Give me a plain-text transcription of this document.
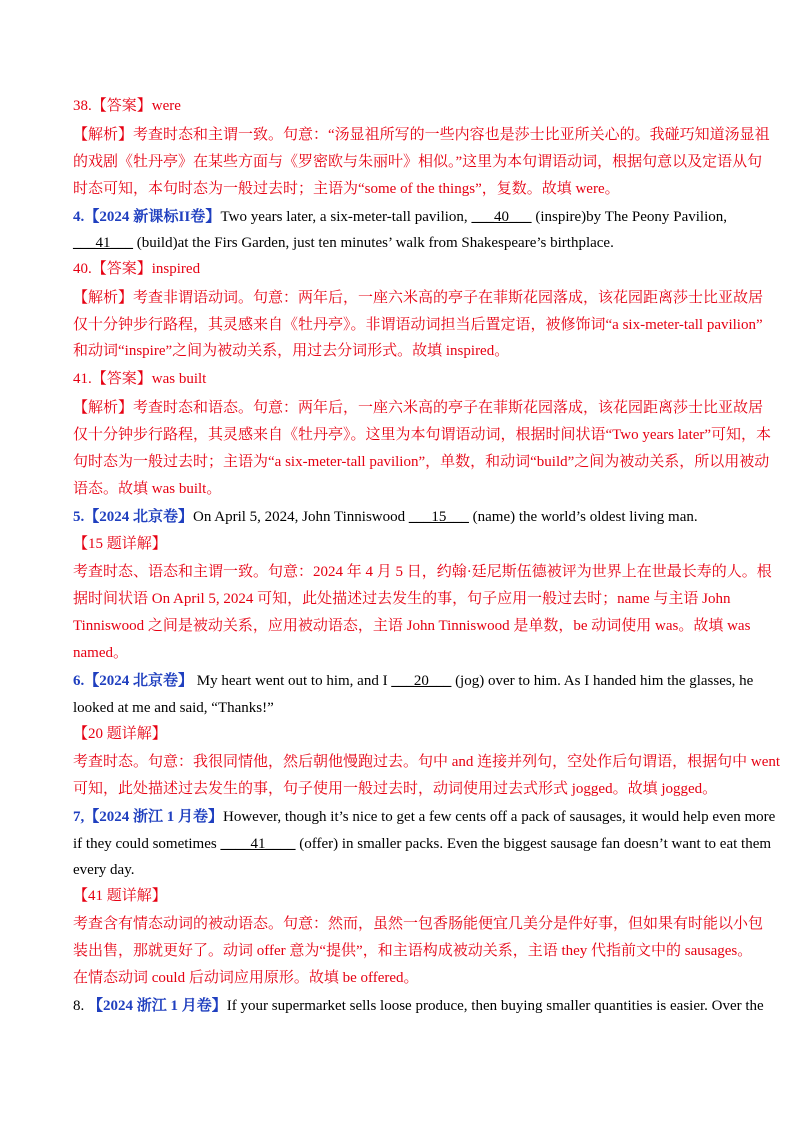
38.【答案】were
【解析】考查时态和主谓一致。句意：“汤显祖所写的一些内容也是莎士比亚所关心的。我碰巧知道汤显祖
的戏剧《牡丹亭》在某些方面与《罗密欧与朱丽叶》相似。”这里为本句谓语动词，根据句意以及定语从句
时态可知，本句时态为一般过去时；主语为“some of the things”，复数。故填 were。
4.【2024 新课标II卷】Two years later, a six-meter-tall pavilion, ___40___ (inspire)by The Peony Pavilion,
___41___ (build)at the Firs Garden, just ten minutes’ walk from Shakespeare’s birthplace.
40.【答案】inspired
【解析】考查非谓语动词。句意：两年后，一座六米高的亭子在菲斯花园落成，该花园距离莎士比亚故居
仅十分钟步行路程，其灵感来自《牡丹亭》。非谓语动词担当后置定语，被修饰词“a six-meter-tall pavilion”
和动词“inspire”之间为被动关系，用过去分词形式。故填 inspired。
41.【答案】was built
【解析】考查时态和语态。句意：两年后，一座六米高的亭子在菲斯花园落成，该花园距离莎士比亚故居
仅十分钟步行路程，其灵感来自《牡丹亭》。这里为本句谓语动词，根据时间状语“Two years later”可知，本
句时态为一般过去时；主语为“a six-meter-tall pavilion”，单数，和动词“build”之间为被动关系，所以用被动
语态。故填 was built。
5.【2024 北京卷】On April 5, 2024, John Tinniswood ___15___ (name) the world’s oldest living man.
【15 题详解】
考查时态、语态和主谓一致。句意：2024 年 4 月 5 日，约翰·廷尼斯伍德被评为世界上在世最长寿的人。根
据时间状语 On April 5, 2024 可知，此处描述过去发生的事，句子应用一般过去时；name 与主语 John
Tinniswood 之间是被动关系，应用被动语态，主语 John Tinniswood 是单数，be 动词使用 was。故填 was
named。
6.【2024 北京卷】 My heart went out to him, and I ___20___ (jog) over to him. As I handed him the glasses, he
looked at me and said, “Thanks!”
【20 题详解】
考查时态。句意：我很同情他，然后朝他慢跑过去。句中 and 连接并列句，空处作后句谓语，根据句中 went
可知，此处描述过去发生的事，句子使用一般过去时，动词使用过去式形式 jogged。故填 jogged。
7,【2024 浙江 1 月卷】However, though it’s nice to get a few cents off a pack of sausages, it would help even more
if they could sometimes ____41____ (offer) in smaller packs. Even the biggest sausage fan doesn’t want to eat them
every day.
【41 题详解】
考查含有情态动词的被动语态。句意：然而，虽然一包香肠能便宜几美分是件好事，但如果有时能以小包
装出售，那就更好了。动词 offer 意为“提供”，和主语构成被动关系，主语 they 代指前文中的 sausages。
在情态动词 could 后动词应用原形。故填 be offered。
8. 【2024 浙江 1 月卷】If your supermarket sells loose produce, then buying smaller quantities is easier. Over the
